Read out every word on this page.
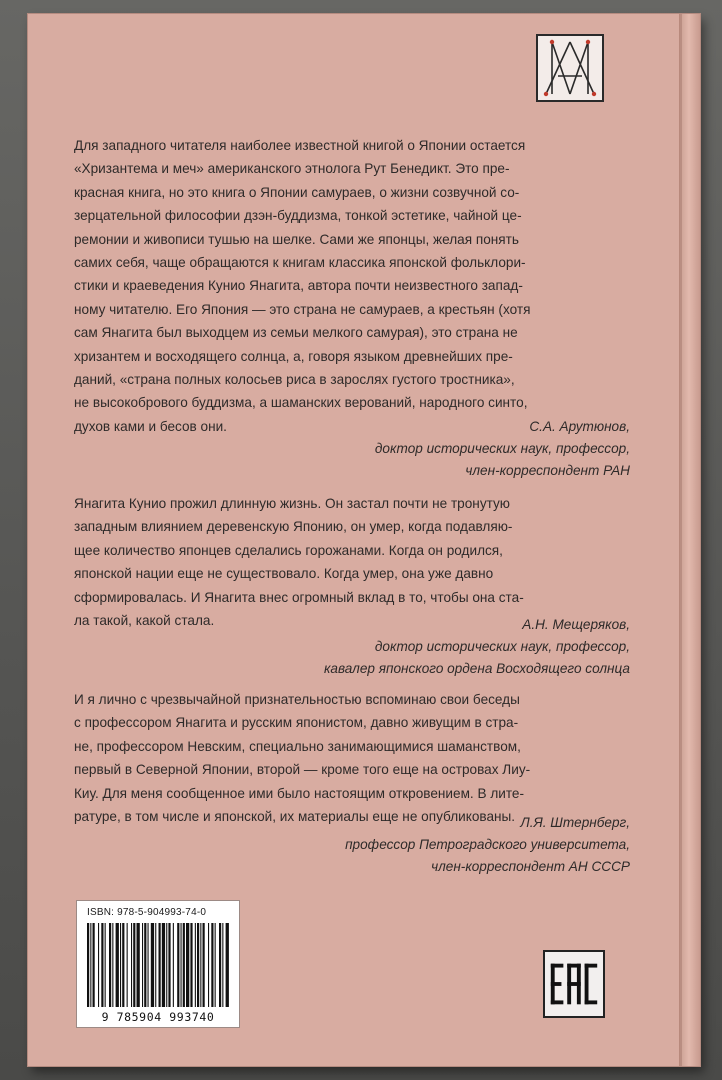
Для западного читателя наиболее известной книгой о Японии остается
«Хризантема и меч» американского этнолога Рут Бенедикт. Это пре-
красная книга, но это книга о Японии самураев, о жизни созвучной со-
зерцательной философии дзэн-буддизма, тонкой эстетике, чайной це-
ремонии и живописи тушью на шелке. Сами же японцы, желая понять
самих себя, чаще обращаются к книгам классика японской фольклори-
стики и краеведения Кунио Янагита, автора почти неизвестного запад-
ному читателю. Его Япония — это страна не самураев, а крестьян (хотя
сам Янагита был выходцем из семьи мелкого самурая), это страна не
хризантем и восходящего солнца, а, говоря языком древнейших пре-
даний, «страна полных колосьев риса в зарослях густого тростника»,
не высокобрового буддизма, а шаманских верований, народного синто,
духов ками и бесов они.	С.А. Арутюнов,
доктор исторических наук, профессор,
член-корреспондент РАН

Янагита Кунио прожил длинную жизнь. Он застал почти не тронутую
западным влиянием деревенскую Японию, он умер, когда подавляю-
щее количество японцев сделались горожанами. Когда он родился,
японской нации еще не существовало. Когда умер, она уже давно
сформировалась. И Янагита внес огромный вклад в то, чтобы она ста-
ла такой, какой стала.	А.Н. Мещеряков,
доктор исторических наук, профессор,
кавалер японского ордена Восходящего солнца

И я лично с чрезвычайной признательностью вспоминаю свои беседы
с профессором Янагита и русским японистом, давно живущим в стра-
не, профессором Невским, специально занимающимися шаманством,
первый в Северной Японии, второй — кроме того еще на островах Лиу-
Киу. Для меня сообщенное ими было настоящим откровением. В лите-
ратуре, в том числе и японской, их материалы еще не опубликованы. Л.Я. Штернберг,
профессор Петроградского университета,
член-корреспондент АН СССР
ISBN: 978-5-904993-74-0
9 785904 993740
